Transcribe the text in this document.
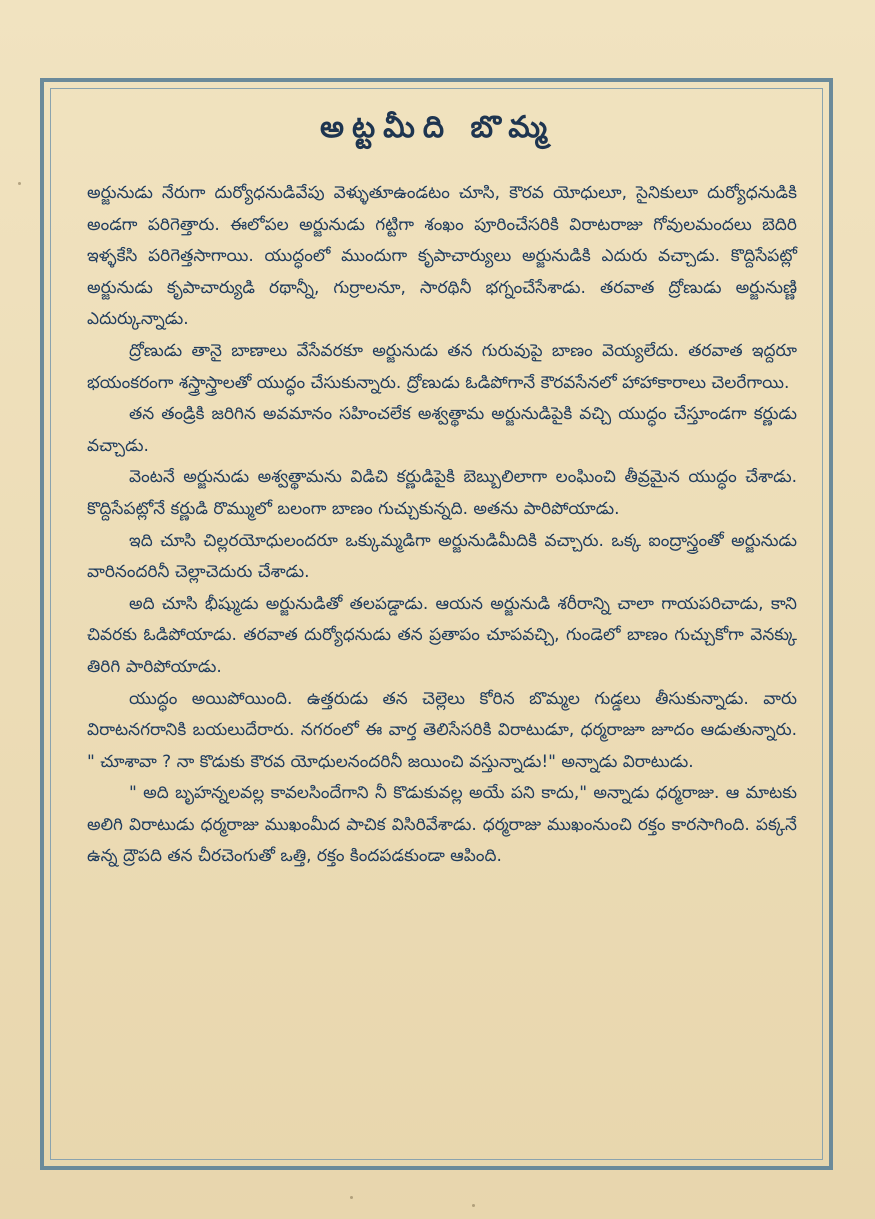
అట్టమీది బొమ్మ

అర్జునుడు నేరుగా దుర్యోధనుడివేపు వెళ్ళుతూఉండటం చూసి, కౌరవ యోధులూ, సైనికులూ దుర్యోధనుడికి అండగా పరిగెత్తారు. ఈలోపల అర్జునుడు గట్టిగా శంఖం పూరించేసరికి విరాటరాజు గోవులమందలు బెదిరి ఇళ్ళకేసి పరిగెత్తసాగాయి. యుద్ధంలో ముందుగా కృపాచార్యులు అర్జునుడికి ఎదురు వచ్చాడు. కొద్దిసేపట్లో అర్జునుడు కృపాచార్యుడి రథాన్నీ, గుర్రాలనూ, సారథినీ భగ్నంచేసేశాడు. తరవాత ద్రోణుడు అర్జునుణ్ణి ఎదుర్కున్నాడు.

ద్రోణుడు తానై బాణాలు వేసేవరకూ అర్జునుడు తన గురువుపై బాణం వెయ్యలేదు. తరవాత ఇద్దరూ భయంకరంగా శస్త్రాస్త్రాలతో యుద్ధం చేసుకున్నారు. ద్రోణుడు ఓడిపోగానే కౌరవసేనలో హాహాకారాలు చెలరేగాయి.

తన తండ్రికి జరిగిన అవమానం సహించలేక అశ్వత్థామ అర్జునుడిపైకి వచ్చి యుద్ధం చేస్తూండగా కర్ణుడు వచ్చాడు.

వెంటనే అర్జునుడు అశ్వత్థామను విడిచి కర్ణుడిపైకి బెబ్బులిలాగా లంఘించి తీవ్రమైన యుద్ధం చేశాడు. కొద్దిసేపట్లోనే కర్ణుడి రొమ్ములో బలంగా బాణం గుచ్చుకున్నది. అతను పారిపోయాడు.

ఇది చూసి చిల్లరయోధులందరూ ఒక్కుమ్మడిగా అర్జునుడిమీదికి వచ్చారు. ఒక్క ఐంద్రాస్త్రంతో అర్జునుడు వారినందరినీ చెల్లాచెదురు చేశాడు.

అది చూసి భీష్ముడు అర్జునుడితో తలపడ్డాడు. ఆయన అర్జునుడి శరీరాన్ని చాలా గాయపరిచాడు, కాని చివరకు ఓడిపోయాడు. తరవాత దుర్యోధనుడు తన ప్రతాపం చూపవచ్చి, గుండెలో బాణం గుచ్చుకోగా వెనక్కు తిరిగి పారిపోయాడు.

యుద్ధం అయిపోయింది. ఉత్తరుడు తన చెల్లెలు కోరిన బొమ్మల గుడ్డలు తీసుకున్నాడు. వారు విరాటనగరానికి బయలుదేరారు. నగరంలో ఈ వార్త తెలిసేసరికి విరాటుడూ, ధర్మరాజూ జూదం ఆడుతున్నారు. " చూశావా ? నా కొడుకు కౌరవ యోధులనందరినీ జయించి వస్తున్నాడు!" అన్నాడు విరాటుడు.

" అది బృహన్నలవల్ల కావలసిందేగాని నీ కొడుకువల్ల అయే పని కాదు," అన్నాడు ధర్మరాజు. ఆ మాటకు అలిగి విరాటుడు ధర్మరాజు ముఖంమీద పాచిక విసిరివేశాడు. ధర్మరాజు ముఖంనుంచి రక్తం కారసాగింది. పక్కనే ఉన్న ద్రౌపది తన చీరచెంగుతో ఒత్తి, రక్తం కిందపడకుండా ఆపింది.
